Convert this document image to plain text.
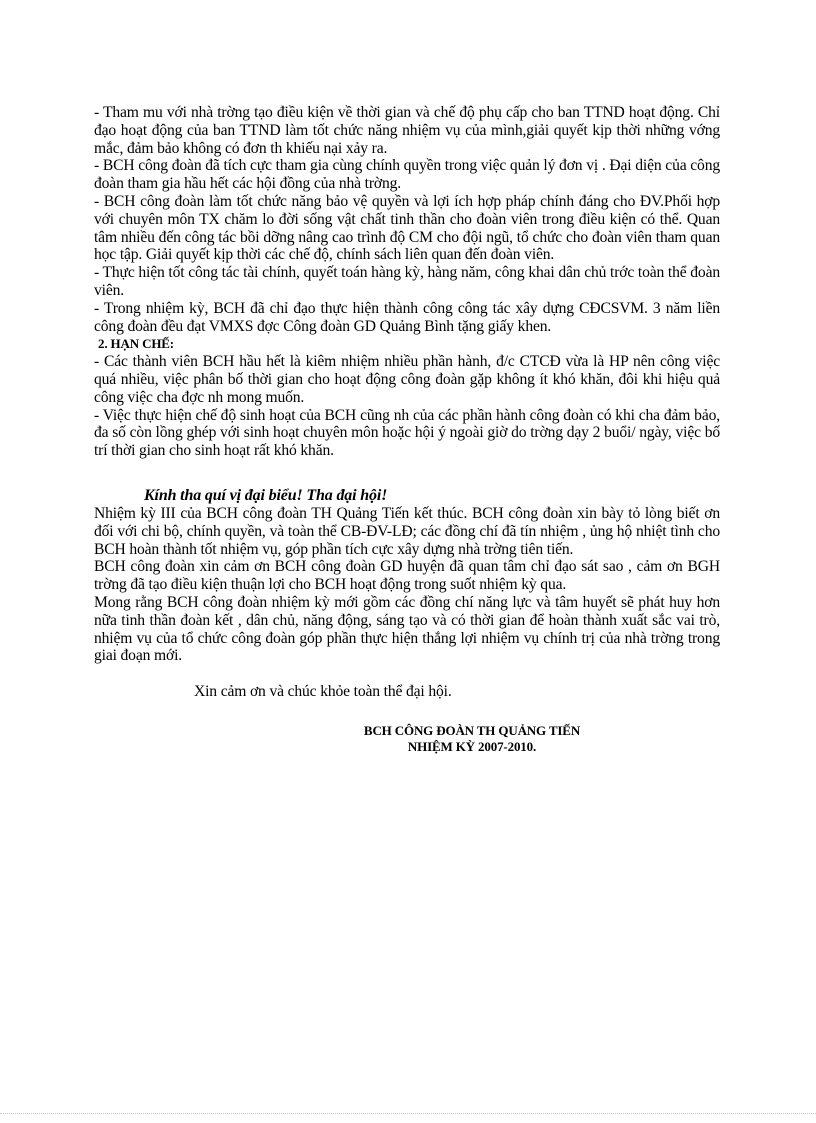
- Tham mu với nhà trờng tạo điều kiện về thời gian và chế độ phụ cấp cho ban TTND hoạt động. Chỉ đạo hoạt động của ban TTND làm tốt chức năng nhiệm vụ của mình,giải quyết kịp thời những vớng mắc, đảm bảo không có đơn th khiếu nại xảy ra.

- BCH công đoàn đã tích cực tham gia cùng chính quyền trong việc quản lý đơn vị . Đại diện của công đoàn tham gia hầu hết các hội đồng của nhà trờng.

- BCH công đoàn làm tốt chức năng bảo vệ quyền và lợi ích hợp pháp chính đáng cho ĐV.Phối hợp với chuyên môn TX chăm lo đời sống vật chất tinh thần cho đoàn viên trong điều kiện có thể. Quan tâm nhiều đến công tác bồi dỡng nâng cao trình độ CM cho đội ngũ, tổ chức cho đoàn viên tham quan học tập. Giải quyết kịp thời các chế độ, chính sách liên quan đến đoàn viên.

- Thực hiện tốt công tác tài chính, quyết toán hàng kỳ, hàng năm, công khai dân chủ trớc toàn thể đoàn viên.

- Trong nhiệm kỳ, BCH đã chỉ đạo thực hiện thành công công tác xây dựng CĐCSVM. 3 năm liền công đoàn đều đạt VMXS đợc Công đoàn GD Quảng Bình tặng giấy khen.

2. HẠN CHẾ:

- Các thành viên BCH hầu hết là kiêm nhiệm nhiều phần hành, đ/c CTCĐ vừa là HP nên công việc quá nhiều, việc phân bố thời gian cho hoạt động công đoàn gặp không ít khó khăn, đôi khi hiệu quả công việc cha đợc nh mong muốn.

- Việc thực hiện chế độ sinh hoạt của BCH cũng nh của các phần hành công đoàn có khi cha đảm bảo, đa số còn lồng ghép với sinh hoạt chuyên môn hoặc hội ý ngoài giờ do trờng dạy 2 buổi/ ngày, việc bố trí thời gian cho sinh hoạt rất khó khăn.

Kính tha quí vị đại biểu! Tha đại hội!

Nhiệm kỳ III của BCH công đoàn TH Quảng Tiến kết thúc. BCH công đoàn xin bày tỏ lòng biết ơn đối với chi bộ, chính quyền, và toàn thể CB-ĐV-LĐ; các đồng chí đã tín nhiệm , ủng hộ nhiệt tình cho BCH hoàn thành tốt nhiệm vụ, góp phần tích cực xây dựng nhà trờng tiên tiến.

BCH công đoàn xin cảm ơn BCH công đoàn GD huyện đã quan tâm chỉ đạo sát sao , cảm ơn BGH trờng đã tạo điều kiện thuận lợi cho BCH hoạt động trong suốt nhiệm kỳ qua.

Mong rằng BCH công đoàn nhiệm kỳ mới gồm các đồng chí năng lực và tâm huyết sẽ phát huy hơn nữa tinh thần đoàn kết , dân chủ, năng động, sáng tạo và có thời gian để hoàn thành xuất sắc vai trò, nhiệm vụ của tổ chức công đoàn góp phần thực hiện thắng lợi nhiệm vụ chính trị của nhà trờng trong giai đoạn mới.

Xin cảm ơn và chúc khỏe toàn thể đại hội.

BCH CÔNG ĐOÀN TH QUẢNG TIẾN
NHIỆM KỲ 2007-2010.
